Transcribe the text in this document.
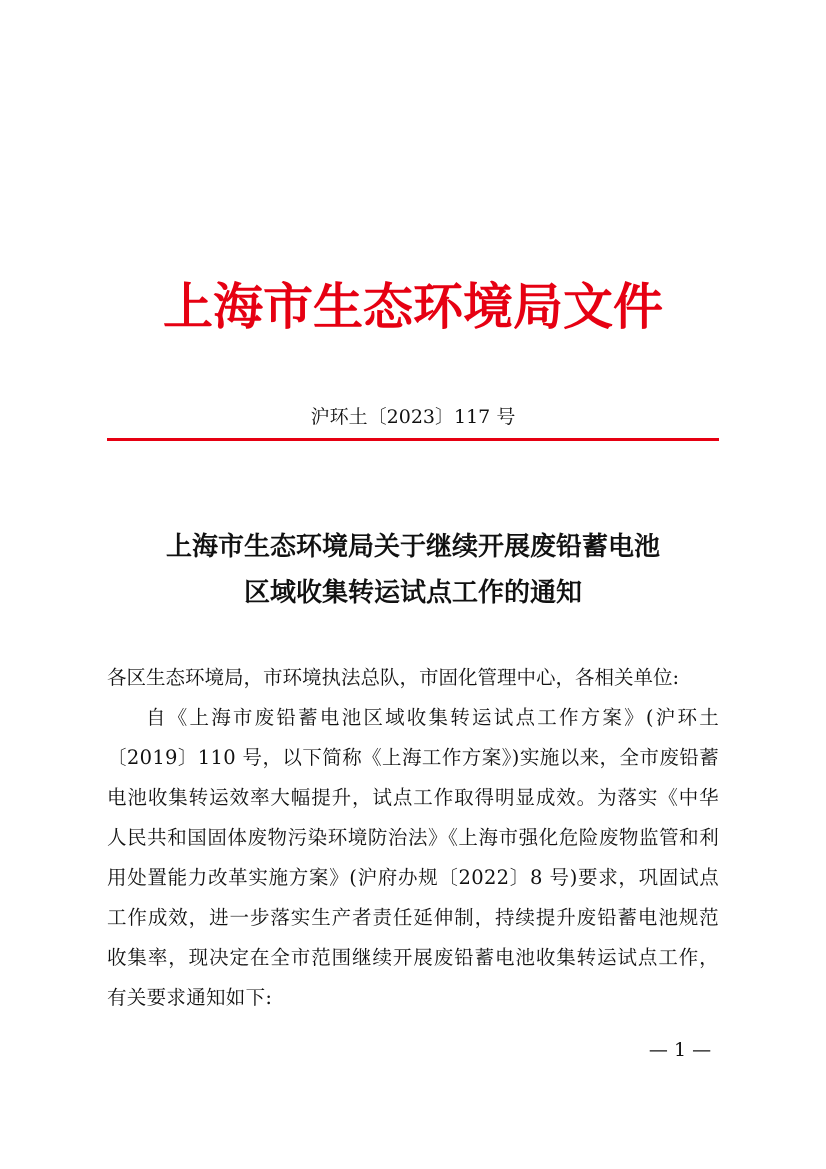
上海市生态环境局文件
沪环土〔2023〕117 号
上海市生态环境局关于继续开展废铅蓄电池
区域收集转运试点工作的通知

各区生态环境局，市环境执法总队，市固化管理中心，各相关单位:

自《上海市废铅蓄电池区域收集转运试点工作方案》(沪环土〔2019〕110 号，以下简称《上海工作方案》)实施以来，全市废铅蓄电池收集转运效率大幅提升，试点工作取得明显成效。为落实《中华人民共和国固体废物污染环境防治法》《上海市强化危险废物监管和利用处置能力改革实施方案》(沪府办规〔2022〕8 号)要求，巩固试点工作成效，进一步落实生产者责任延伸制，持续提升废铅蓄电池规范收集率，现决定在全市范围继续开展废铅蓄电池收集转运试点工作，有关要求通知如下:

— 1 —
